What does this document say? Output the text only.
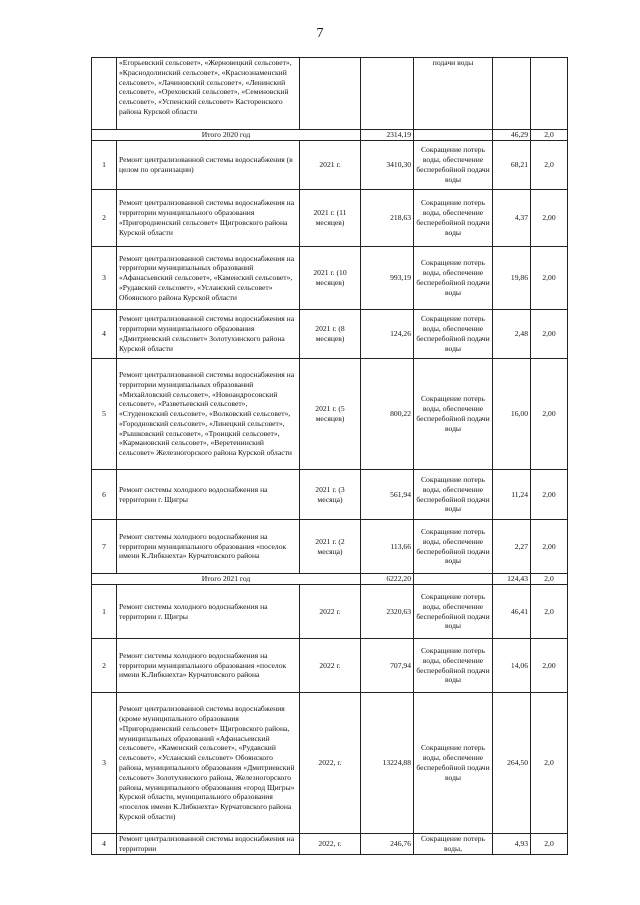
7
	«Егорьевский сельсовет», «Жерновецкий сельсовет», «Краснодолинский сельсовет», «Краснознаменский сельсовет», «Лачиновский сельсовет», «Ленинский сельсовет», «Ореховский сельсовет», «Семеновский сельсовет», «Успенский сельсовет» Касторенского района Курской области			подачи воды		
Итого 2020 год			2314,19		46,29	2,0
1	Ремонт централизованной системы водоснабжения (в целом по организации)	2021 г.	3410,30	Сокращение потерь воды, обеспечение бесперебойной подачи воды	68,21	2,0
2	Ремонт централизованной системы водоснабжения на территории муниципального образования «Пригородненский сельсовет» Щигровского района Курской области	2021 г. (11 месяцев)	218,63	Сокращение потерь воды, обеспечение бесперебойной подачи воды	4,37	2,00
3	Ремонт централизованной системы водоснабжения на территории муниципальных образований «Афанасьевский сельсовет», «Каменский сельсовет», «Рудавский сельсовет», «Усланский сельсовет» Обоянского района Курской области	2021 г. (10 месяцев)	993,19	Сокращение потерь воды, обеспечение бесперебойной подачи воды	19,86	2,00
4	Ремонт централизованной системы водоснабжения на территории муниципального образования «Дмитриевский сельсовет» Золотухинского района Курской области	2021 г. (8 месяцев)	124,26	Сокращение потерь воды, обеспечение бесперебойной подачи воды	2,48	2,00
5	Ремонт централизованной системы водоснабжения на территории муниципальных образований «Михайловский сельсовет», «Новоандросовский сельсовет», «Разветьевский сельсовет», «Студенокский сельсовет», «Волковский сельсовет», «Городновский сельсовет», «Линецкий сельсовет», «Рышковский сельсовет», «Троицкий сельсовет», «Кармановский сельсовет», «Веретенинский сельсовет» Железногорского района Курской области	2021 г. (5 месяцев)	800,22	Сокращение потерь воды, обеспечение бесперебойной подачи воды	16,00	2,00
6	Ремонт системы холодного водоснабжения на территории г. Щигры	2021 г. (3 месяца)	561,94	Сокращение потерь воды, обеспечение бесперебойной подачи воды	11,24	2,00
7	Ремонт системы холодного водоснабжения на территории муниципального образования «поселок имени К.Либкнехта» Курчатовского района	2021 г. (2 месяца)	113,66	Сокращение потерь воды, обеспечение бесперебойной подачи воды	2,27	2,00
Итого 2021 год			6222,20		124,43	2,0
1	Ремонт системы холодного водоснабжения на территории г. Щигры	2022 г.	2320,63	Сокращение потерь воды, обеспечение бесперебойной подачи воды	46,41	2,0
2	Ремонт системы холодного водоснабжения на территории муниципального образования «поселок имени К.Либкнехта» Курчатовского района	2022 г.	707,94	Сокращение потерь воды, обеспечение бесперебойной подачи воды	14,06	2,00
3	Ремонт централизованной системы водоснабжения (кроме муниципального образования «Пригородненский сельсовет» Щигровского района, муниципальных образований «Афанасьевский сельсовет», «Каменский сельсовет», «Рудавский сельсовет», «Усланский сельсовет» Обоянского района, муниципального образования «Дмитриевский сельсовет» Золотухинского района, Железногорского района, муниципального образования «город Щигры» Курской области, муниципального образования «поселок имени К.Либкнехта» Курчатовского района Курской области)	2022, г.	13224,88	Сокращение потерь воды, обеспечение бесперебойной подачи воды	264,50	2,0
4	Ремонт централизованной системы водоснабжения на территории	2022, г.	246,76	Сокращение потерь воды,	4,93	2,0
